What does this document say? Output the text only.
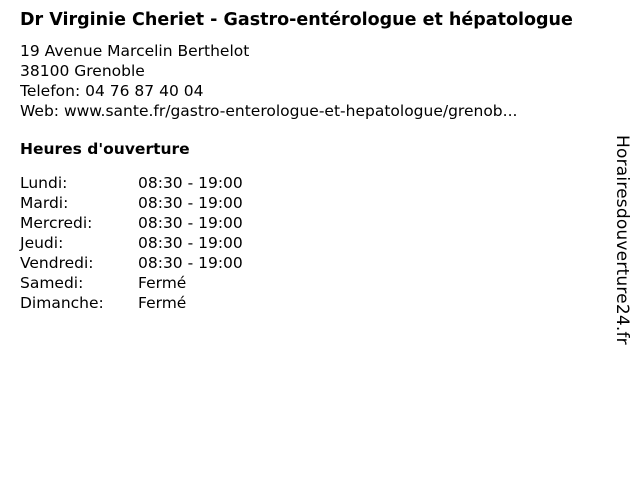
Dr Virginie Cheriet - Gastro-entérologue et hépatologue
19 Avenue Marcelin Berthelot
38100 Grenoble
Telefon: 04 76 87 40 04
Web: www.sante.fr/gastro-enterologue-et-hepatologue/grenob...
Heures d'ouverture
Lundi:	08:30 - 19:00
Mardi:	08:30 - 19:00
Mercredi:	08:30 - 19:00
Jeudi:	08:30 - 19:00
Vendredi:	08:30 - 19:00
Samedi:	Fermé
Dimanche:	Fermé	Horairesdouverture24.fr
